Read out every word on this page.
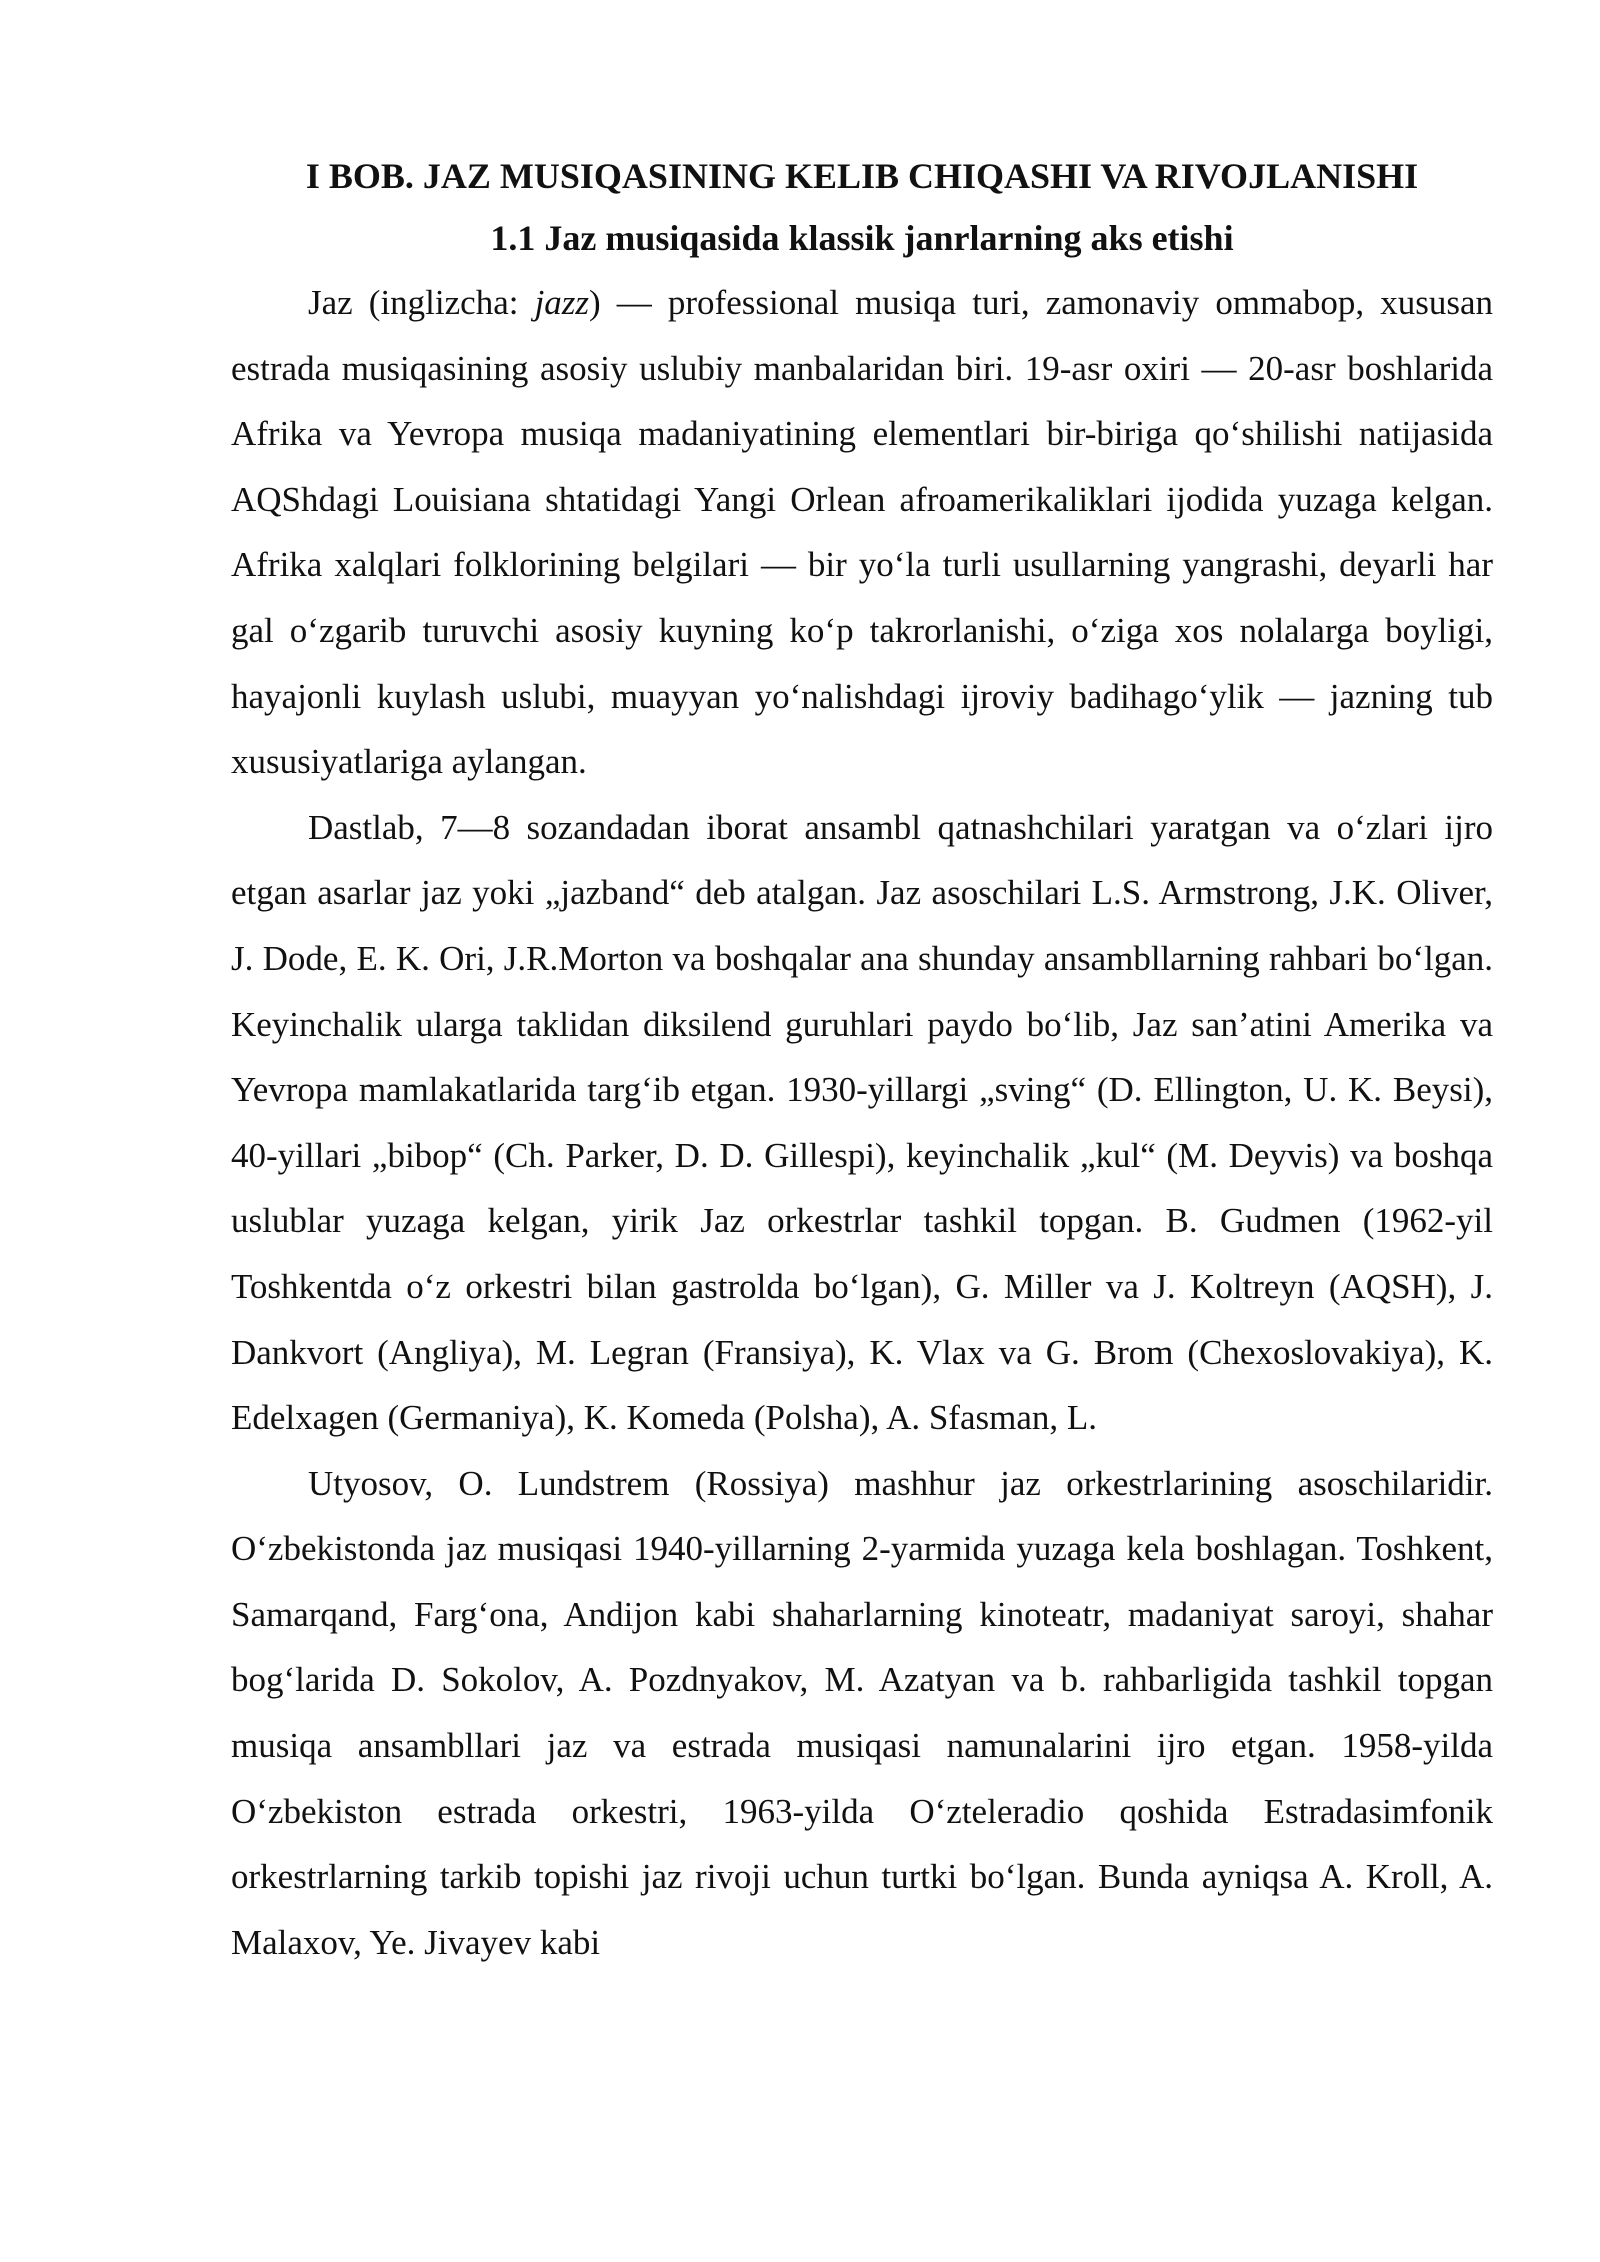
I BOB. JAZ MUSIQASINING KELIB CHIQASHI VA RIVOJLANISHI
1.1 Jaz musiqasida klassik janrlarning aks etishi

Jaz (inglizcha: jazz) — professional musiqa turi, zamonaviy ommabop, xususan estrada musiqasining asosiy uslubiy manbalaridan biri. 19-asr oxiri — 20-asr boshlarida Afrika va Yevropa musiqa madaniyatining elementlari bir-biriga qoʻshilishi natijasida AQShdagi Louisiana shtatidagi Yangi Orlean afroamerikaliklari ijodida yuzaga kelgan. Afrika xalqlari folklorining belgilari — bir yoʻla turli usullarning yangrashi, deyarli har gal oʻzgarib turuvchi asosiy kuyning koʻp takrorlanishi, oʻziga xos nolalarga boyligi, hayajonli kuylash uslubi, muayyan yoʻnalishdagi ijroviy badihagoʻylik — jazning tub xususiyatlariga aylangan.

Dastlab, 7—8 sozandadan iborat ansambl qatnashchilari yaratgan va oʻzlari ijro etgan asarlar jaz yoki „jazband“ deb atalgan. Jaz asoschilari L.S. Armstrong, J.K. Oliver, J. Dode, E. K. Ori, J.R.Morton va boshqalar ana shunday ansambllarning rahbari boʻlgan. Keyinchalik ularga taklidan diksilend guruhlari paydo boʻlib, Jaz san’atini Amerika va Yevropa mamlakatlarida targʻib etgan. 1930-yillargi „sving“ (D. Ellington, U. K. Beysi), 40-yillari „bibop“ (Ch. Parker, D. D. Gillespi), keyinchalik „kul“ (M. Deyvis) va boshqa uslublar yuzaga kelgan, yirik Jaz orkestrlar tashkil topgan. B. Gudmen (1962-yil Toshkentda oʻz orkestri bilan gastrolda boʻlgan), G. Miller va J. Koltreyn (AQSH), J. Dankvort (Angliya), M. Legran (Fransiya), K. Vlax va G. Brom (Chexoslovakiya), K. Edelxagen (Germaniya), K. Komeda (Polsha), A. Sfasman, L.

Utyosov, O. Lundstrem (Rossiya) mashhur jaz orkestrlarining asoschilaridir. Oʻzbekistonda jaz musiqasi 1940-yillarning 2-yarmida yuzaga kela boshlagan. Toshkent, Samarqand, Fargʻona, Andijon kabi shaharlarning kinoteatr, madaniyat saroyi, shahar bogʻlarida D. Sokolov, A. Pozdnyakov, M. Azatyan va b. rahbarligida tashkil topgan musiqa ansambllari jaz va estrada musiqasi namunalarini ijro etgan. 1958-yilda Oʻzbekiston estrada orkestri, 1963-yilda Oʻzteleradio qoshida Estradasimfonik orkestrlarning tarkib topishi jaz rivoji uchun turtki boʻlgan. Bunda ayniqsa A. Kroll, A. Malaxov, Ye. Jivayev kabi
